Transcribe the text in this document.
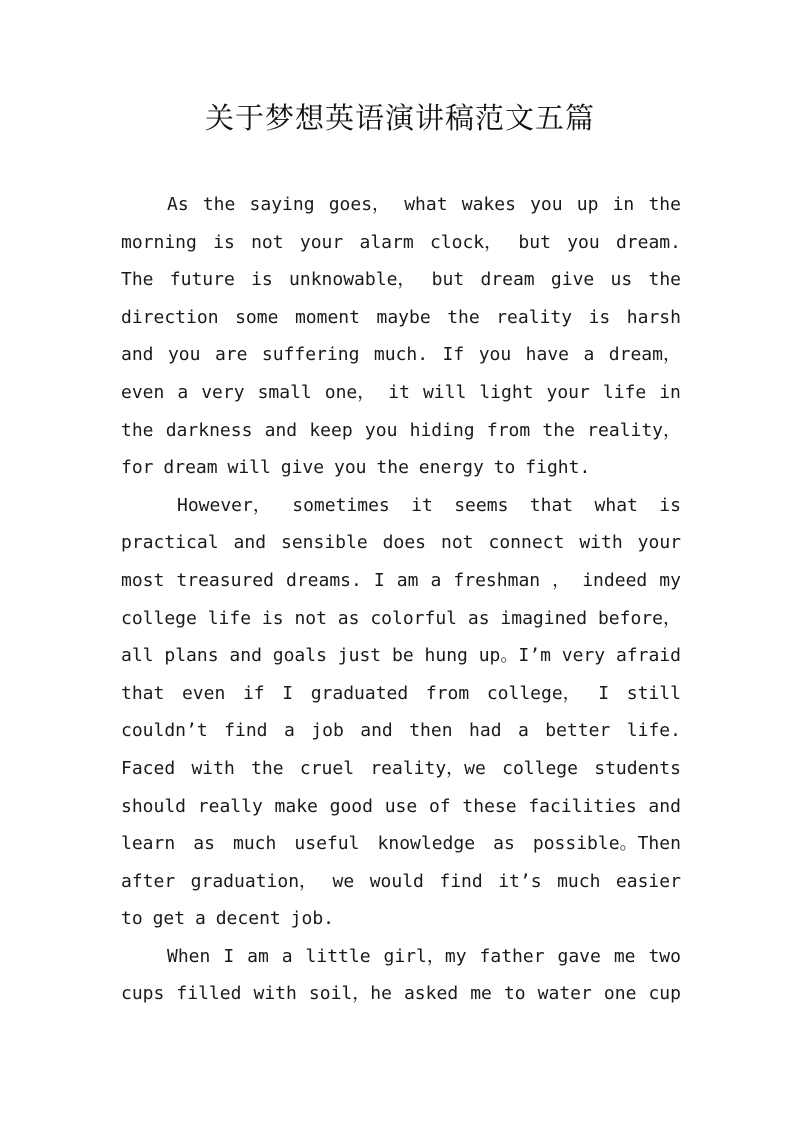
关于梦想英语演讲稿范文五篇
As the saying goes， what wakes you up in the
morning is not your alarm clock， but you dream.
The future is unknowable， but dream give us the
direction some moment maybe the reality is harsh
and you are suffering much. If you have a dream，
even a very small one， it will light your life in
the darkness and keep you hiding from the reality，
for dream will give you the energy to fight.
However， sometimes it seems that what is
practical and sensible does not connect with your
most treasured dreams. I am a freshman ， indeed my
college life is not as colorful as imagined before，
all plans and goals just be hung up。I’m very afraid
that even if I graduated from college， I still
couldn’t find a job and then had a better life.
Faced with the cruel reality，we college students
should really make good use of these facilities and
learn as much useful knowledge as possible。Then
after graduation， we would find it’s much easier
to get a decent job.
When I am a little girl，my father gave me two
cups filled with soil，he asked me to water one cup
